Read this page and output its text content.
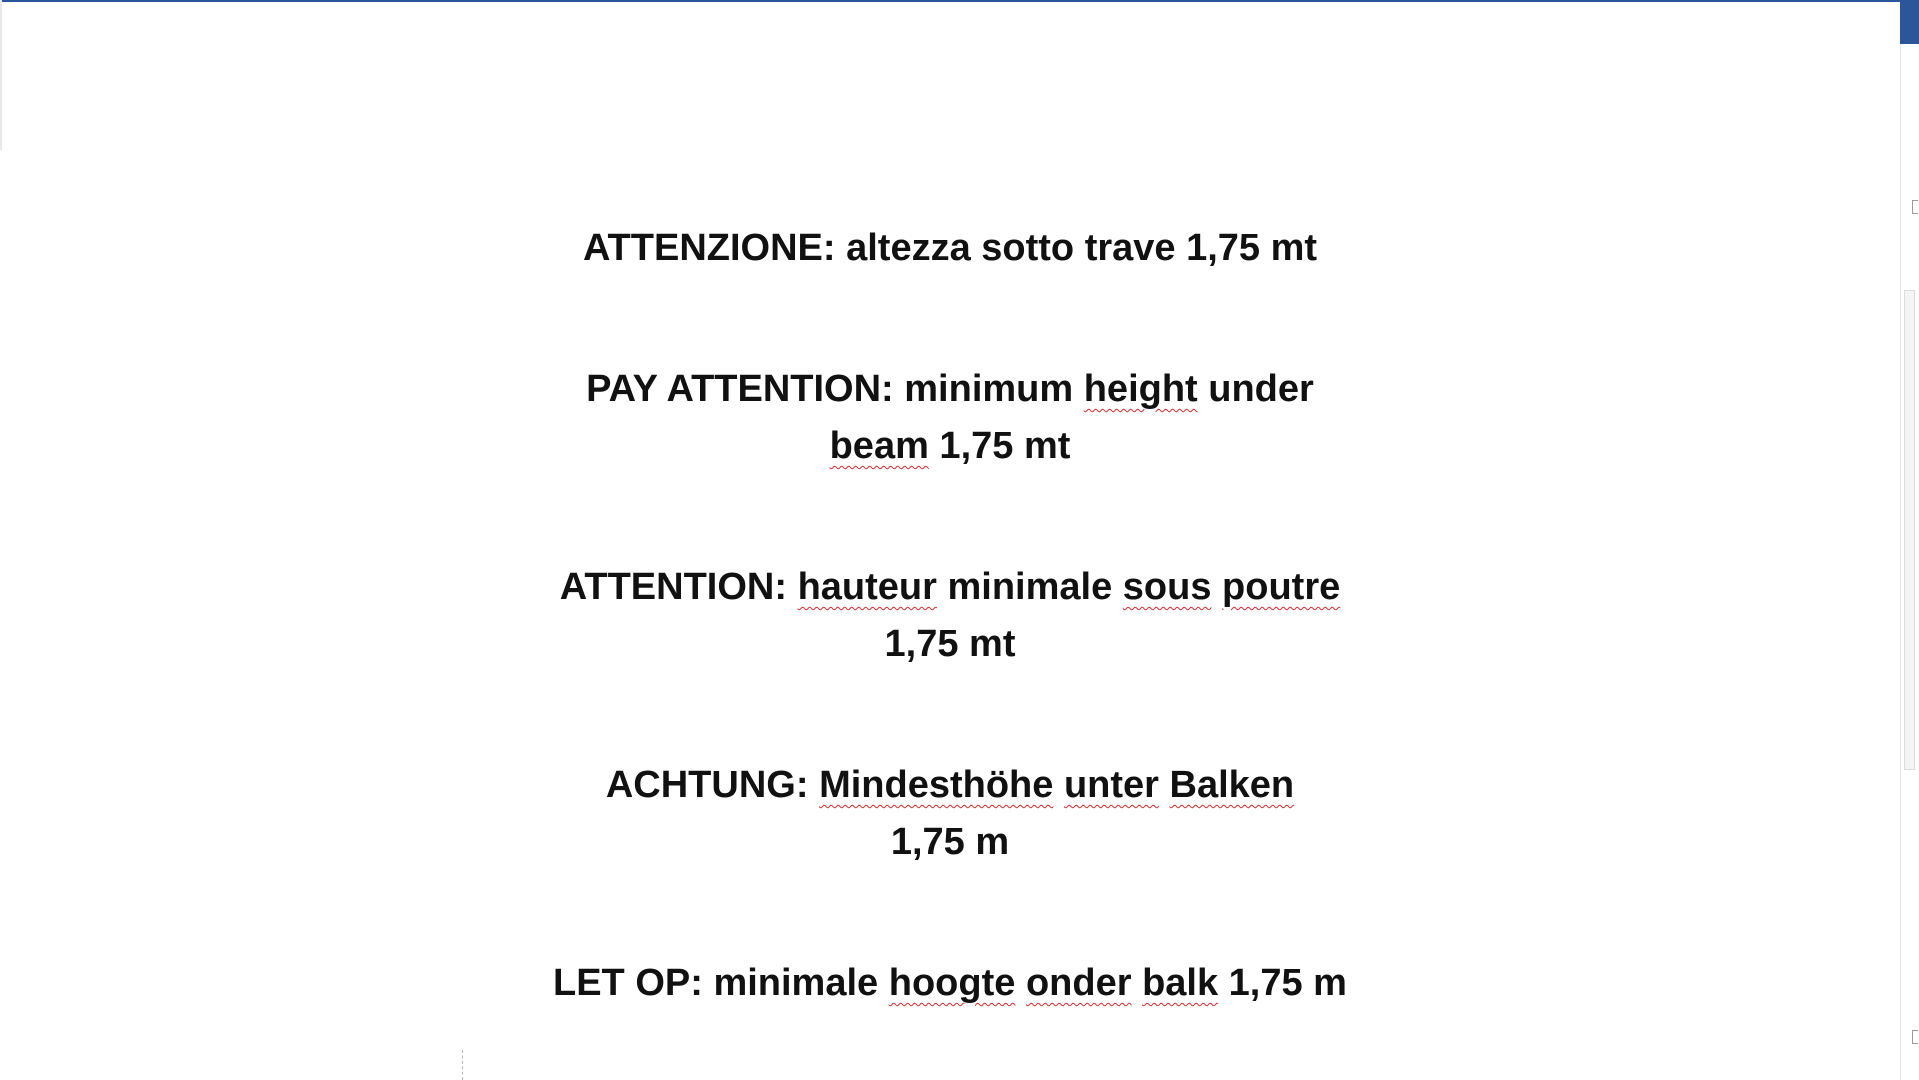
ATTENZIONE: altezza sotto trave 1,75 mt

PAY ATTENTION: minimum height under
beam 1,75 mt

ATTENTION: hauteur minimale sous poutre
1,75 mt

ACHTUNG: Mindesthöhe unter Balken
1,75 m

LET OP: minimale hoogte onder balk 1,75 m
